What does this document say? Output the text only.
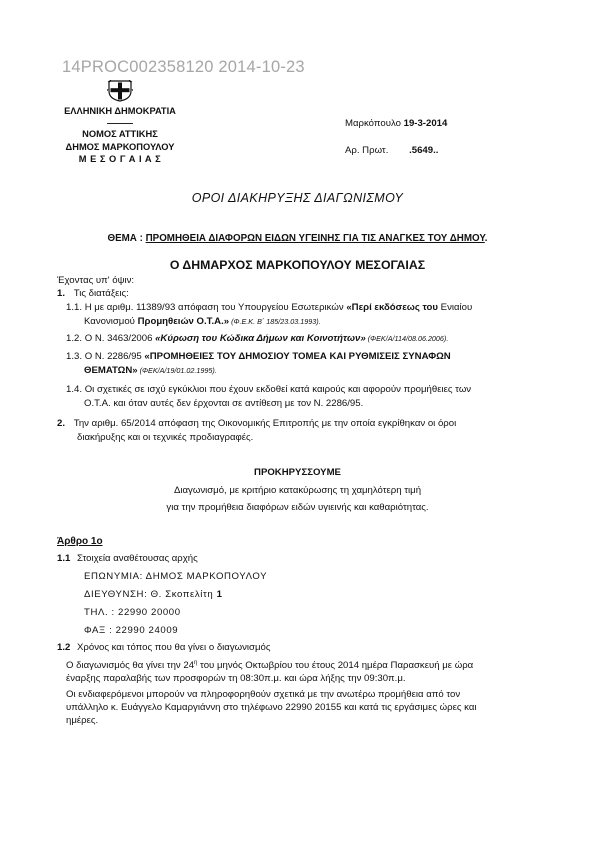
14PROC002358120 2014-10-23
ΕΛΛΗΝΙΚΗ ΔΗΜΟΚΡΑΤΙΑ
ΝΟΜΟΣ ΑΤΤΙΚΗΣ
ΔΗΜΟΣ ΜΑΡΚΟΠΟΥΛΟΥ
Μ Ε Σ Ο Γ Α Ι Α Σ
Μαρκόπουλο 19-3-2014
Αρ. Πρωτ. .5649..
ΟΡΟΙ ΔΙΑΚΗΡΥΞΗΣ ΔΙΑΓΩΝΙΣΜΟΥ
ΘΕΜΑ : ΠΡΟΜΗΘΕΙΑ ΔΙΑΦΟΡΩΝ ΕΙΔΩΝ ΥΓΕΙΝΗΣ ΓΙΑ ΤΙΣ ΑΝΑΓΚΕΣ ΤΟΥ ΔΗΜΟΥ.
Ο ΔΗΜΑΡΧΟΣ ΜΑΡΚΟΠΟΥΛΟΥ ΜΕΣΟΓΑΙΑΣ
Έχοντας υπ' όψιν:
1. Τις διατάξεις:
1.1. Η με αριθμ. 11389/93 απόφαση του Υπουργείου Εσωτερικών «Περί εκδόσεως του Ενιαίου
Κανονισμού Προμηθειών Ο.Τ.Α.» (Φ.Ε.Κ. Β΄ 185/23.03.1993).
1.2. Ο Ν. 3463/2006 «Κύρωση του Κώδικα Δήμων και Κοινοτήτων» (ΦΕΚ/Α/114/08.06.2006).
1.3. Ο Ν. 2286/95 «ΠΡΟΜΗΘΕΙΕΣ ΤΟΥ ΔΗΜΟΣΙΟΥ ΤΟΜΕΑ ΚΑΙ ΡΥΘΜΙΣΕΙΣ ΣΥΝΑΦΩΝ
ΘΕΜΑΤΩΝ» (ΦΕΚ/Α/19/01.02.1995).
1.4. Οι σχετικές σε ισχύ εγκύκλιοι που έχουν εκδοθεί κατά καιρούς και αφορούν προμήθειες των
Ο.Τ.Α. και όταν αυτές δεν έρχονται σε αντίθεση με τον Ν. 2286/95.
2. Την αριθμ. 65/2014 απόφαση της Οικονομικής Επιτροπής με την οποία εγκρίθηκαν οι όροι
διακήρυξης και οι τεχνικές προδιαγραφές.
ΠΡΟΚΗΡΥΣΣΟΥΜΕ
Διαγωνισμό, με κριτήριο κατακύρωσης τη χαμηλότερη τιμή
για την προμήθεια διαφόρων ειδών υγιεινής και καθαριότητας.
Άρθρο 1ο
1.1 Στοιχεία αναθέτουσας αρχής
ΕΠΩΝΥΜΙΑ: ΔΗΜΟΣ ΜΑΡΚΟΠΟΥΛΟΥ
ΔΙΕΥΘΥΝΣΗ: Θ. Σκοπελίτη 1
ΤΗΛ. : 22990 20000
ΦΑΞ : 22990 24009
1.2 Χρόνος και τόπος που θα γίνει ο διαγωνισμός
Ο διαγωνισμός θα γίνει την $24^\eta$ του μηνός Οκτωβρίου του έτους 2014 ημέρα Παρασκευή με ώρα
έναρξης παραλαβής των προσφορών τη 08:30π.μ. και ώρα λήξης την 09:30π.μ.
Οι ενδιαφερόμενοι μπορούν να πληροφορηθούν σχετικά με την ανωτέρω προμήθεια από τον
υπάλληλο κ. Ευάγγελο Καμαργιάννη στο τηλέφωνο 22990 20155 και κατά τις εργάσιμες ώρες και
ημέρες.
